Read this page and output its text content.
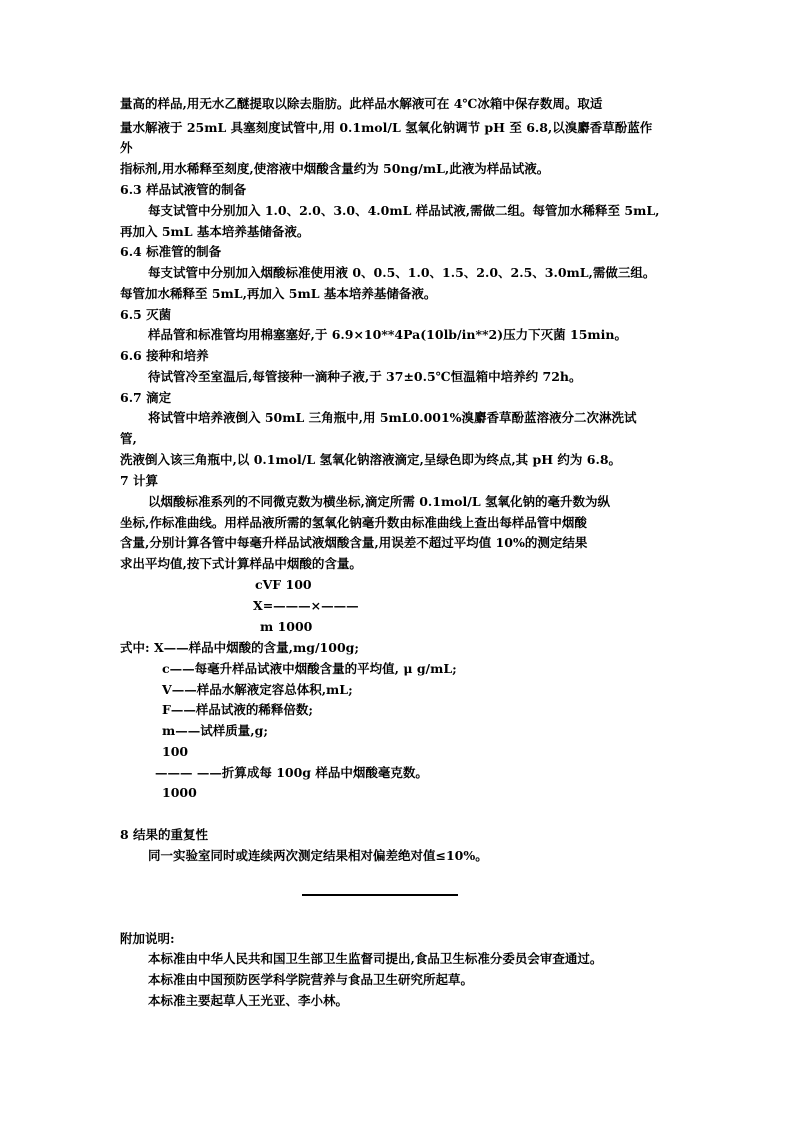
量高的样品,用无水乙醚提取以除去脂肪。此样品水解液可在 4℃冰箱中保存数周。取适
量水解液于 25mL 具塞刻度试管中,用 0.1mol/L 氢氧化钠调节 pH 至 6.8,以溴麝香草酚蓝作
外
指标剂,用水稀释至刻度,使溶液中烟酸含量约为 50ng/mL,此液为样品试液。
6.3 样品试液管的制备
每支试管中分别加入 1.0、2.0、3.0、4.0mL 样品试液,需做二组。每管加水稀释至 5mL,
再加入 5mL 基本培养基储备液。
6.4 标准管的制备
每支试管中分别加入烟酸标准使用液 0、0.5、1.0、1.5、2.0、2.5、3.0mL,需做三组。
每管加水稀释至 5mL,再加入 5mL 基本培养基储备液。
6.5 灭菌
样品管和标准管均用棉塞塞好,于 6.9×10**4Pa(10lb/in**2)压力下灭菌 15min。
6.6 接种和培养
待试管冷至室温后,每管接种一滴种子液,于 37±0.5℃恒温箱中培养约 72h。
6.7 滴定
将试管中培养液倒入 50mL 三角瓶中,用 5mL0.001%溴麝香草酚蓝溶液分二次淋洗试
管,
洗液倒入该三角瓶中,以 0.1mol/L 氢氧化钠溶液滴定,呈绿色即为终点,其 pH 约为 6.8。
7 计算
以烟酸标准系列的不同微克数为横坐标,滴定所需 0.1mol/L 氢氧化钠的毫升数为纵
坐标,作标准曲线。用样品液所需的氢氧化钠毫升数由标准曲线上查出每样品管中烟酸
含量,分别计算各管中每毫升样品试液烟酸含量,用误差不超过平均值 10%的测定结果
求出平均值,按下式计算样品中烟酸的含量。
cVF 100
X=———×———
m 1000
式中: X——样品中烟酸的含量,mg/100g;
c——每毫升样品试液中烟酸含量的平均值, μ g/mL;
V——样品水解液定容总体积,mL;
F——样品试液的稀释倍数;
m——试样质量,g;
100
——— ——折算成每 100g 样品中烟酸毫克数。
1000
8 结果的重复性
同一实验室同时或连续两次测定结果相对偏差绝对值≤10%。
附加说明:
本标准由中华人民共和国卫生部卫生监督司提出,食品卫生标准分委员会审查通过。
本标准由中国预防医学科学院营养与食品卫生研究所起草。
本标准主要起草人王光亚、李小林。
